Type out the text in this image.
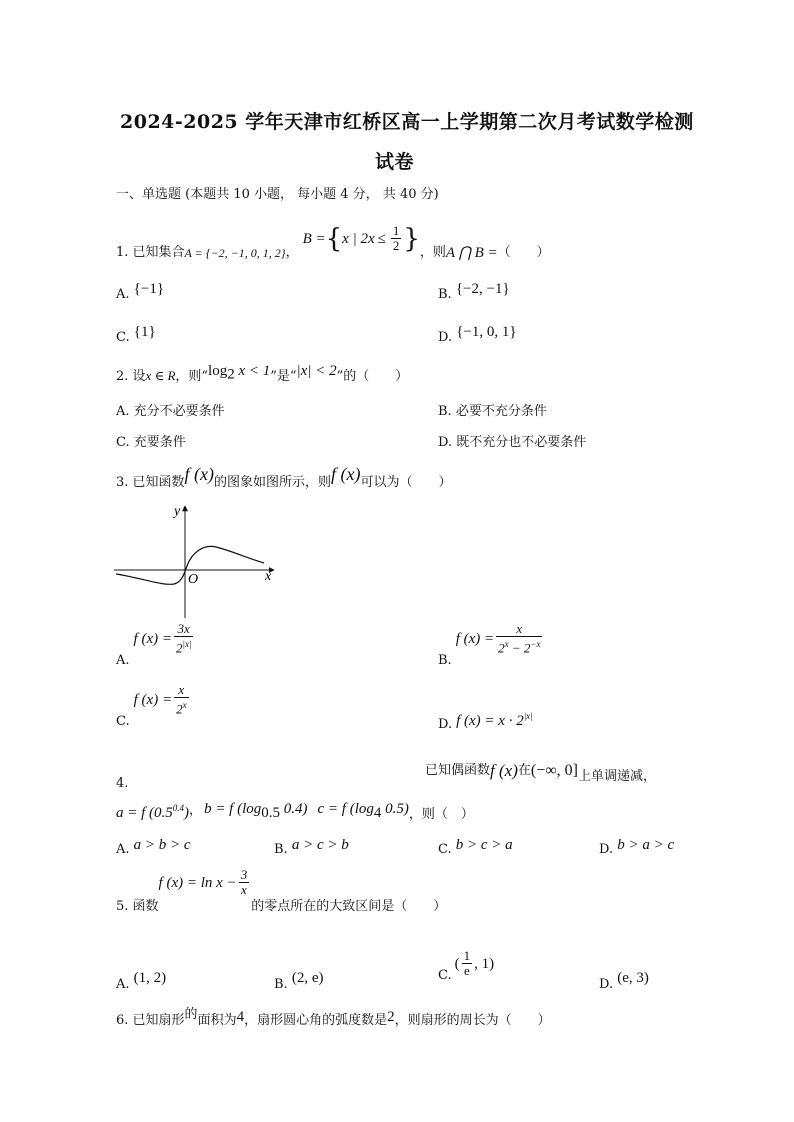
2024-2025 学年天津市红桥区高一上学期第二次月考试数学检测
试卷
一、单选题 (本题共 10 小题， 每小题 4 分， 共 40 分)
1. 已知集合 A = {−2, −1, 0, 1, 2} ，
B = { x | 2 $x \le \frac{1}{2}$ } ，则 A ⋂ B = （　　）
A. {−1}	B. {−2, −1}
C. {1}	D. {−1, 0, 1}
2. 设 x ∈ R ，则“ $\log_2 x < 1$ ”是“ |x| < 2 ”的（　　）
A. 充分不必要条件	B. 必要不充分条件
C. 充要条件	D. 既不充分也不必要条件
3. 已知函数 f (x) 的图象如图所示，则 f (x) 可以为（　　）
y
x
O
A.
f $(x) = \frac{3x}{2^{|x|}}$
B.
f $(x) = \frac{x}{2^x - 2^{-x}}$
C.
f $(x) = \frac{x}{2^x}$
D. f $(x) = x \cdot 2^{|x|}$
4.
已知偶函数 f (x) 在 (−∞, 0] 上单调递减，
a = f $(0.5^{0.4})$ ， b = f ($\log_{0.5}$ 0.4) c = f ($\log_4$ 0.5) ，则（　）
A. a > b > c	B. a > c > b	C. b > c > a	D. b > a > c
5. 函数
f $(x) = \ln x - \frac{3}{x}$
的零点所在的大致区间是（　　）
A. (1, 2)	B. (2, e)	C.
( $\frac{1}{e}$ , 1)
D. (e, 3)
6. 已知扇形 的 面积为 4 ，扇形圆心角的弧度数是 2 ，则扇形的周长为（　　）
